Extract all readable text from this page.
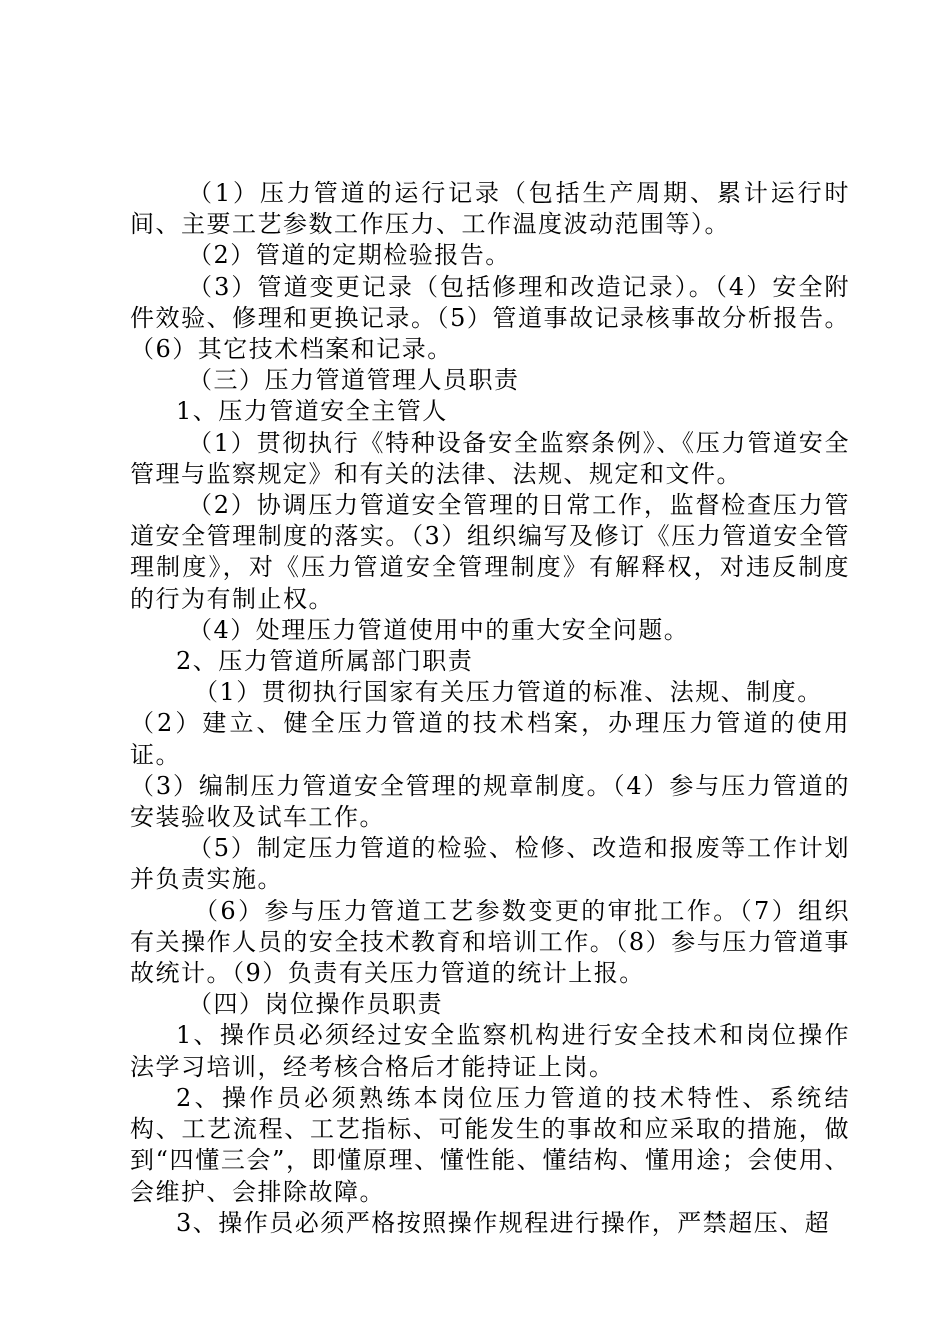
（1）压力管道的运行记录（包括生产周期、累计运行时间、主要工艺参数工作压力、工作温度波动范围等）。

（2）管道的定期检验报告。

（3）管道变更记录（包括修理和改造记录）。（4）安全附件效验、修理和更换记录。（5）管道事故记录核事故分析报告。（6）其它技术档案和记录。

（三）压力管道管理人员职责

1、压力管道安全主管人

（1）贯彻执行《特种设备安全监察条例》、《压力管道安全管理与监察规定》和有关的法律、法规、规定和文件。

（2）协调压力管道安全管理的日常工作，监督检查压力管道安全管理制度的落实。（3）组织编写及修订《压力管道安全管理制度》，对《压力管道安全管理制度》有解释权，对违反制度的行为有制止权。

（4）处理压力管道使用中的重大安全问题。

2、压力管道所属部门职责

（1）贯彻执行国家有关压力管道的标准、法规、制度。

（2）建立、健全压力管道的技术档案，办理压力管道的使用证。

（3）编制压力管道安全管理的规章制度。（4）参与压力管道的安装验收及试车工作。

（5）制定压力管道的检验、检修、改造和报废等工作计划并负责实施。

（6）参与压力管道工艺参数变更的审批工作。（7）组织有关操作人员的安全技术教育和培训工作。（8）参与压力管道事故统计。（9）负责有关压力管道的统计上报。

（四）岗位操作员职责

1、操作员必须经过安全监察机构进行安全技术和岗位操作法学习培训，经考核合格后才能持证上岗。

2、操作员必须熟练本岗位压力管道的技术特性、系统结构、工艺流程、工艺指标、可能发生的事故和应采取的措施，做到“四懂三会”，即懂原理、懂性能、懂结构、懂用途；会使用、会维护、会排除故障。

3、操作员必须严格按照操作规程进行操作，严禁超压、超
